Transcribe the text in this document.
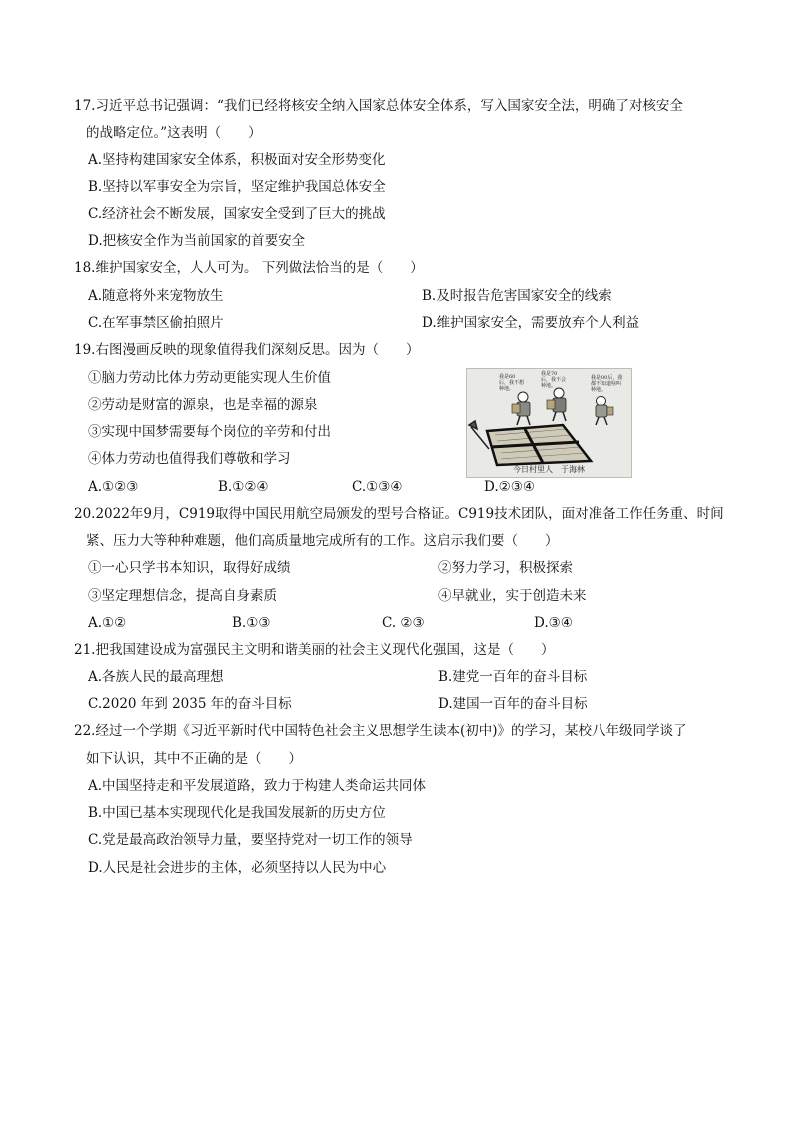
17.习近平总书记强调：“我们已经将核安全纳入国家总体安全体系，写入国家安全法，明确了对核安全
的战略定位。”这表明（　　）
A.坚持构建国家安全体系，积极面对安全形势变化
B.坚持以军事安全为宗旨，坚定维护我国总体安全
C.经济社会不断发展，国家安全受到了巨大的挑战
D.把核安全作为当前国家的首要安全
18.维护国家安全，人人可为。 下列做法恰当的是（　　）
A.随意将外来宠物放生	B.及时报告危害国家安全的线索
C.在军事禁区偷拍照片	D.维护国家安全，需要放弃个人利益
19.右图漫画反映的现象值得我们深刻反思。因为（　　）
①脑力劳动比体力劳动更能实现人生价值
②劳动是财富的源泉，也是幸福的源泉
③实现中国梦需要每个岗位的辛劳和付出
④体力劳动也值得我们尊敬和学习
A.①②③	B.①②④	C.①③④	D.②③④
我是60后，我不想种地。
我是70后，我不会种地。
我是00后，我都不知道啥叫种地。
今日村里人　于海林
20.2022年9月，C919取得中国民用航空局颁发的型号合格证。C919技术团队，面对准备工作任务重、时间
紧、压力大等种种难题，他们高质量地完成所有的工作。这启示我们要（　　）
①一心只学书本知识，取得好成绩	②努力学习，积极探索
③坚定理想信念，提高自身素质	④早就业，实于创造未来
A.①②	B.①③	C. ②③	D.③④
21.把我国建设成为富强民主文明和谐美丽的社会主义现代化强国，这是（　　）
A.各族人民的最高理想	B.建党一百年的奋斗目标
C.2020 年到 2035 年的奋斗目标	D.建国一百年的奋斗目标
22.经过一个学期《习近平新时代中国特色社会主义思想学生读本(初中)》的学习，某校八年级同学谈了
如下认识，其中不正确的是（　　）
A.中国坚持走和平发展道路，致力于构建人类命运共同体
B.中国已基本实现现代化是我国发展新的历史方位
C.党是最高政治领导力量，要坚持党对一切工作的领导
D.人民是社会进步的主体，必须坚持以人民为中心
